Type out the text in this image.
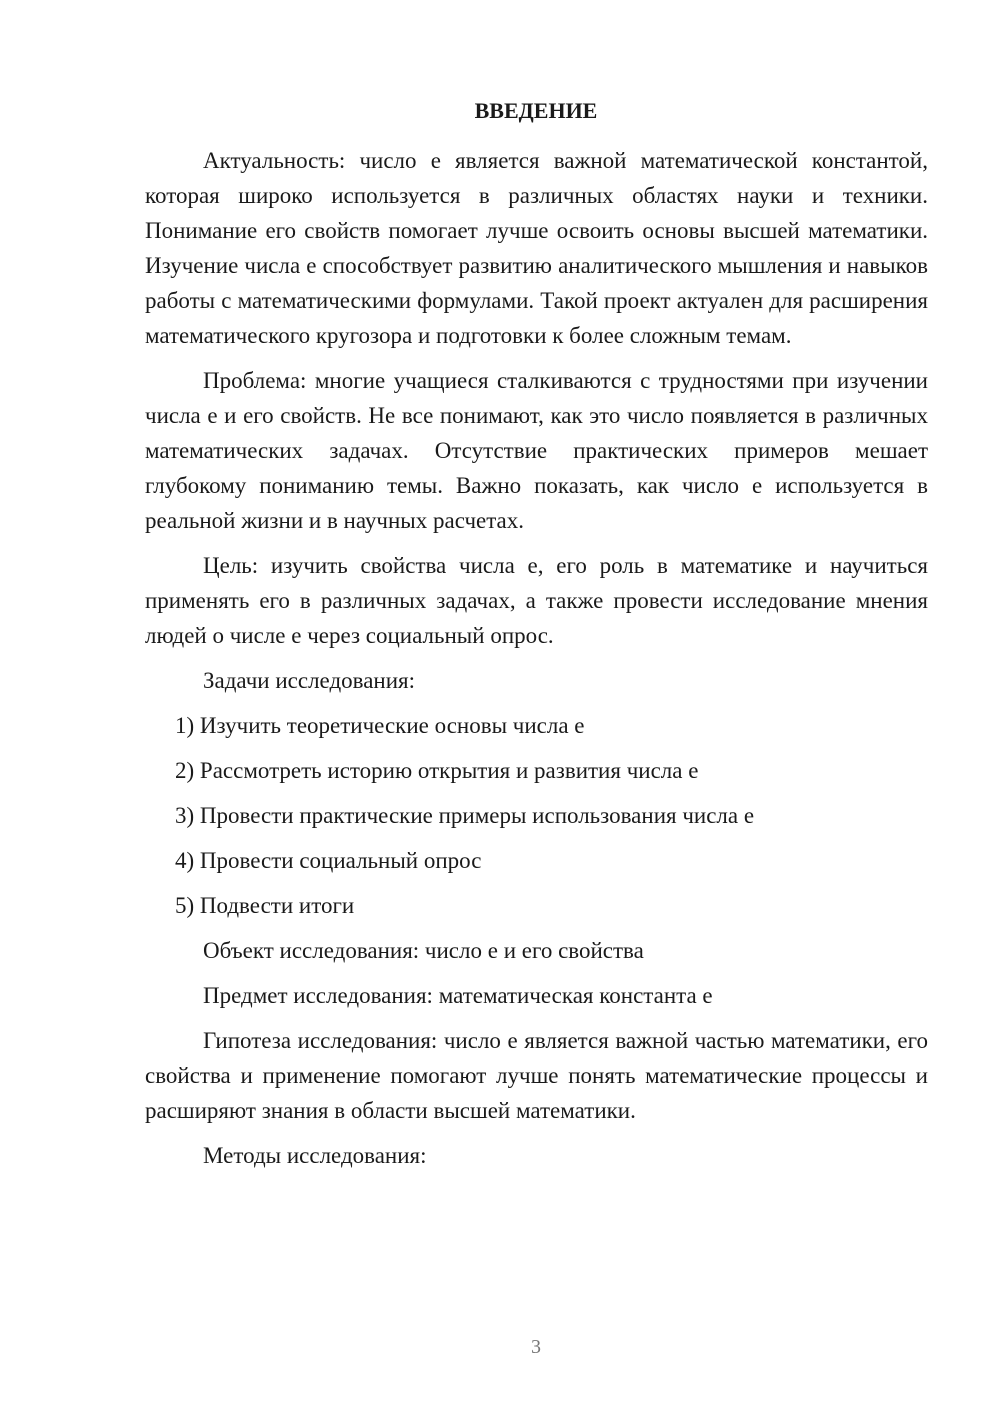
ВВЕДЕНИЕ

Актуальность: число e является важной математической константой, которая широко используется в различных областях науки и техники. Понимание его свойств помогает лучше освоить основы высшей математики. Изучение числа e способствует развитию аналитического мышления и навыков работы с математическими формулами. Такой проект актуален для расширения математического кругозора и подготовки к более сложным темам.

Проблема: многие учащиеся сталкиваются с трудностями при изучении числа e и его свойств. Не все понимают, как это число появляется в различных математических задачах. Отсутствие практических примеров мешает глубокому пониманию темы. Важно показать, как число e используется в реальной жизни и в научных расчетах.

Цель: изучить свойства числа e, его роль в математике и научиться применять его в различных задачах, а также провести исследование мнения людей о числе e через социальный опрос.

Задачи исследования:

1) Изучить теоретические основы числа e

2) Рассмотреть историю открытия и развития числа e

3) Провести практические примеры использования числа e

4) Провести социальный опрос

5) Подвести итоги

Объект исследования: число e и его свойства

Предмет исследования: математическая константа e

Гипотеза исследования: число e является важной частью математики, его свойства и применение помогают лучше понять математические процессы и расширяют знания в области высшей математики.

Методы исследования:

3
